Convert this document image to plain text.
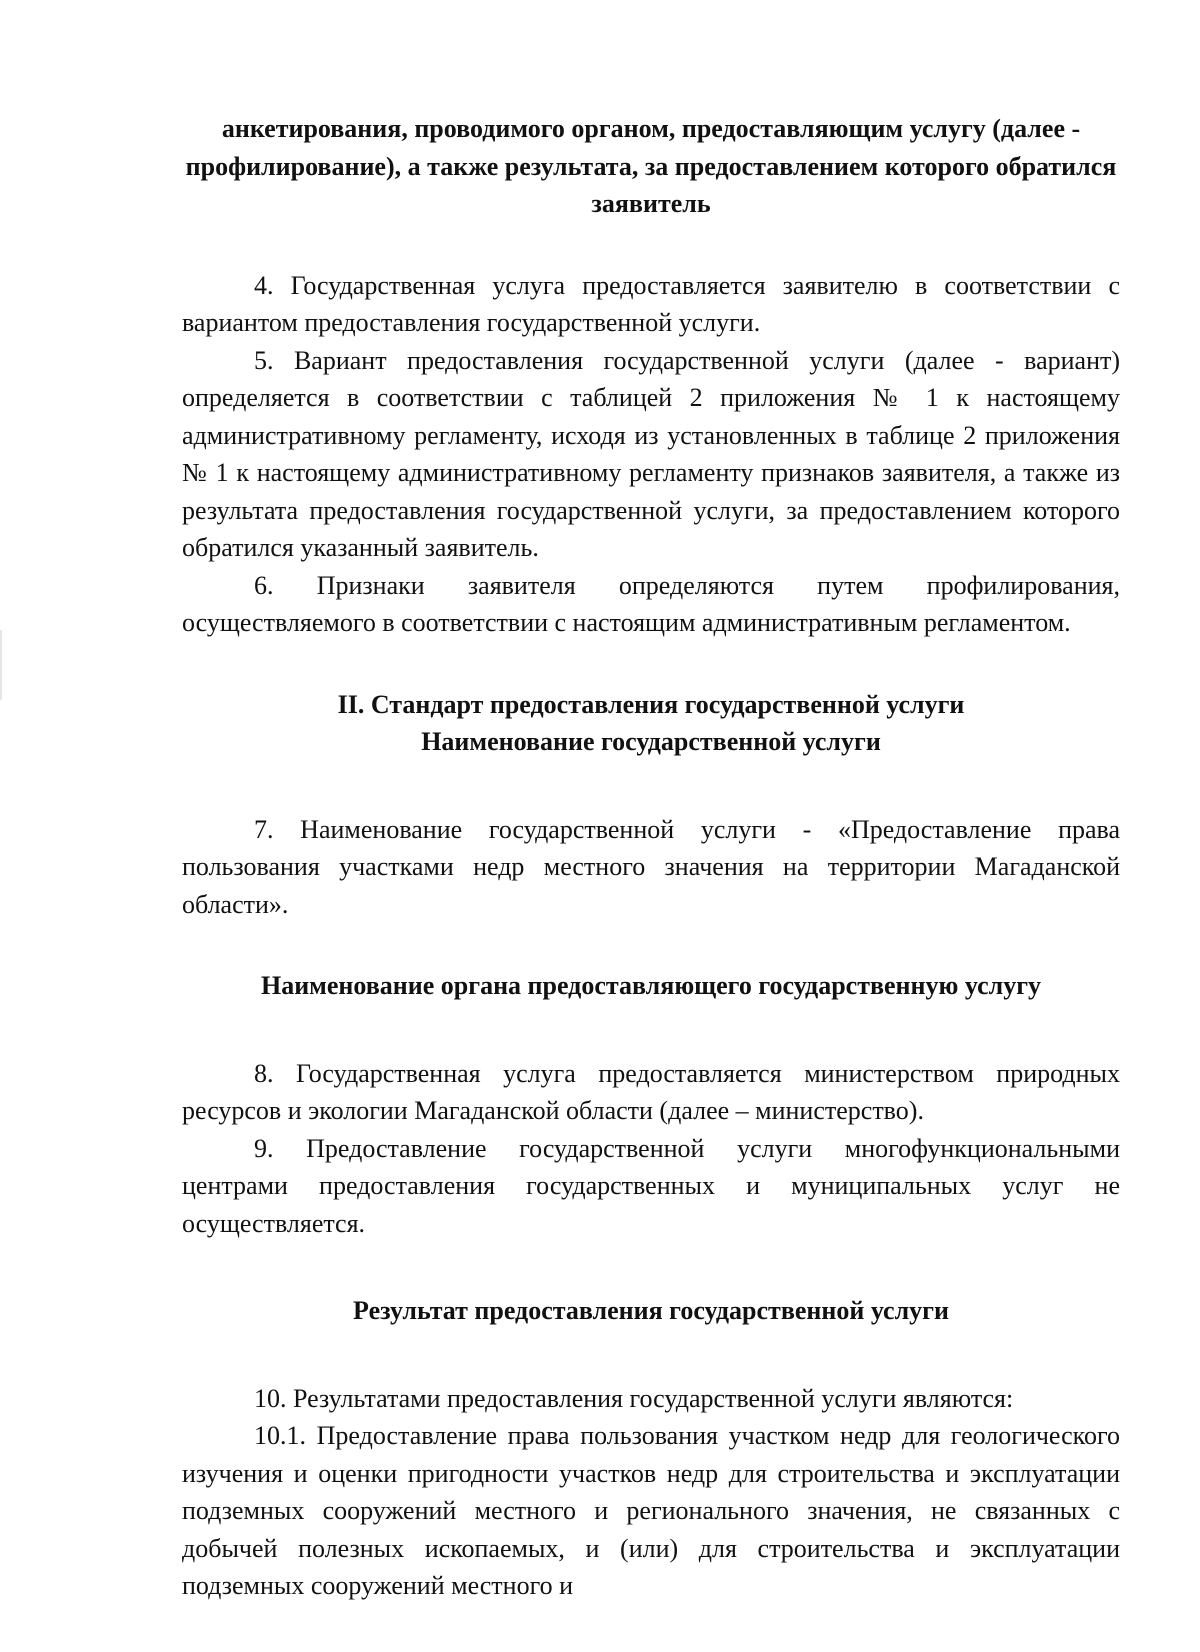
анкетирования, проводимого органом, предоставляющим услугу (далее - профилирование), а также результата, за предоставлением которого обратился заявитель

4. Государственная услуга предоставляется заявителю в соответствии с вариантом предоставления государственной услуги.

5. Вариант предоставления государственной услуги (далее - вариант) определяется в соответствии с таблицей 2 приложения № 1 к настоящему административному регламенту, исходя из установленных в таблице 2 приложения № 1 к настоящему административному регламенту признаков заявителя, а также из результата предоставления государственной услуги, за предоставлением которого обратился указанный заявитель.

6. Признаки заявителя определяются путем профилирования, осуществляемого в соответствии с настоящим административным регламентом.

II. Стандарт предоставления государственной услуги

Наименование государственной услуги

7. Наименование государственной услуги - «Предоставление права пользования участками недр местного значения на территории Магаданской области».

Наименование органа предоставляющего государственную услугу

8. Государственная услуга предоставляется министерством природных ресурсов и экологии Магаданской области (далее – министерство).

9. Предоставление государственной услуги многофункциональными центрами предоставления государственных и муниципальных услуг не осуществляется.

Результат предоставления государственной услуги

10. Результатами предоставления государственной услуги являются:

10.1. Предоставление права пользования участком недр для геологического изучения и оценки пригодности участков недр для строительства и эксплуатации подземных сооружений местного и регионального значения, не связанных с добычей полезных ископаемых, и (или) для строительства и эксплуатации подземных сооружений местного и
